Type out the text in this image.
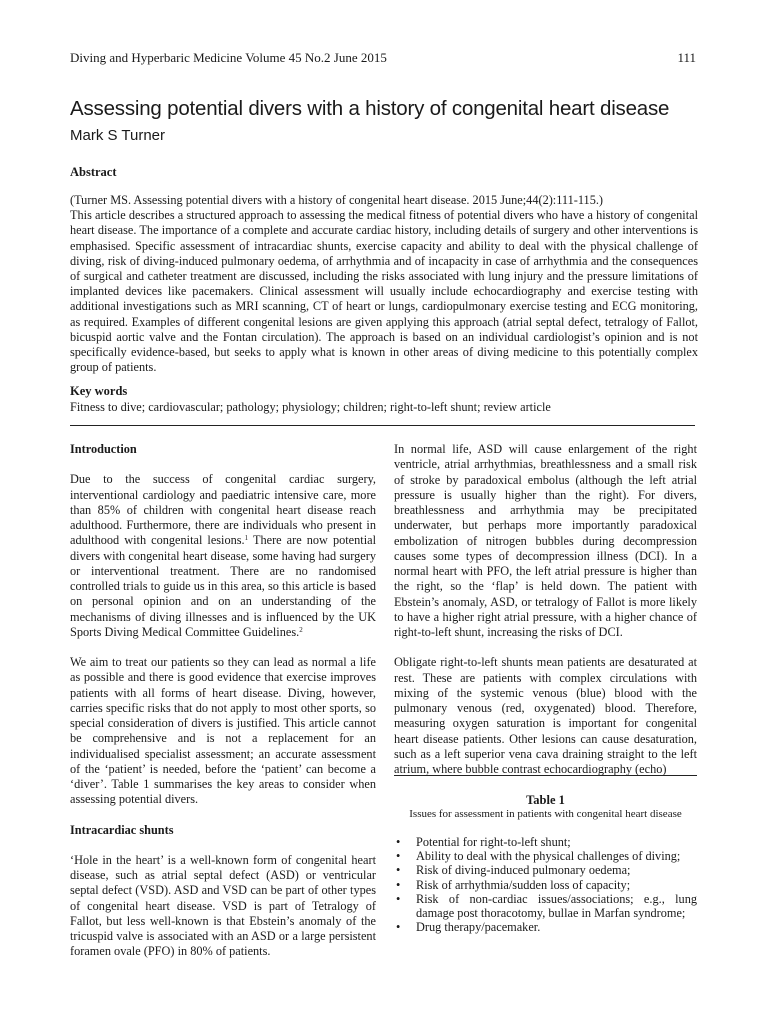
Diving and Hyperbaric Medicine Volume 45 No.2 June 2015	111
Assessing potential divers with a history of congenital heart disease
Mark S Turner
Abstract

(Turner MS. Assessing potential divers with a history of congenital heart disease. 2015 June;44(2):111-115.)

This article describes a structured approach to assessing the medical fitness of potential divers who have a history of congenital heart disease. The importance of a complete and accurate cardiac history, including details of surgery and other interventions is emphasised. Specific assessment of intracardiac shunts, exercise capacity and ability to deal with the physical challenge of diving, risk of diving-induced pulmonary oedema, of arrhythmia and of incapacity in case of arrhythmia and the consequences of surgical and catheter treatment are discussed, including the risks associated with lung injury and the pressure limitations of implanted devices like pacemakers. Clinical assessment will usually include echocardiography and exercise testing with additional investigations such as MRI scanning, CT of heart or lungs, cardiopulmonary exercise testing and ECG monitoring, as required. Examples of different congenital lesions are given applying this approach (atrial septal defect, tetralogy of Fallot, bicuspid aortic valve and the Fontan circulation). The approach is based on an individual cardiologist’s opinion and is not specifically evidence-based, but seeks to apply what is known in other areas of diving medicine to this potentially complex group of patients.

Key words
Fitness to dive; cardiovascular; pathology; physiology; children; right-to-left shunt; review article
Introduction

Due to the success of congenital cardiac surgery, interventional cardiology and paediatric intensive care, more than 85% of children with congenital heart disease reach adulthood. Furthermore, there are individuals who present in adulthood with congenital lesions.$^1$ There are now potential divers with congenital heart disease, some having had surgery or interventional treatment. There are no randomised controlled trials to guide us in this area, so this article is based on personal opinion and on an understanding of the mechanisms of diving illnesses and is influenced by the UK Sports Diving Medical Committee Guidelines.$^2$

We aim to treat our patients so they can lead as normal a life as possible and there is good evidence that exercise improves patients with all forms of heart disease. Diving, however, carries specific risks that do not apply to most other sports, so special consideration of divers is justified. This article cannot be comprehensive and is not a replacement for an individualised specialist assessment; an accurate assessment of the ‘patient’ is needed, before the ‘patient’ can become a ‘diver’. Table 1 summarises the key areas to consider when assessing potential divers.

Intracardiac shunts

‘Hole in the heart’ is a well-known form of congenital heart disease, such as atrial septal defect (ASD) or ventricular septal defect (VSD). ASD and VSD can be part of other types of congenital heart disease. VSD is part of Tetralogy of Fallot, but less well-known is that Ebstein’s anomaly of the tricuspid valve is associated with an ASD or a large persistent foramen ovale (PFO) in 80% of patients.

In normal life, ASD will cause enlargement of the right ventricle, atrial arrhythmias, breathlessness and a small risk of stroke by paradoxical embolus (although the left atrial pressure is usually higher than the right). For divers, breathlessness and arrhythmia may be precipitated underwater, but perhaps more importantly paradoxical embolization of nitrogen bubbles during decompression causes some types of decompression illness (DCI). In a normal heart with PFO, the left atrial pressure is higher than the right, so the ‘flap’ is held down. The patient with Ebstein’s anomaly, ASD, or tetralogy of Fallot is more likely to have a higher right atrial pressure, with a higher chance of right-to-left shunt, increasing the risks of DCI.

Obligate right-to-left shunts mean patients are desaturated at rest. These are patients with complex circulations with mixing of the systemic venous (blue) blood with the pulmonary venous (red, oxygenated) blood. Therefore, measuring oxygen saturation is important for congenital heart disease patients. Other lesions can cause desaturation, such as a left superior vena cava draining straight to the left atrium, where bubble contrast echocardiography (echo)

Table 1
Issues for assessment in patients with congenital heart disease
• Potential for right-to-left shunt;
• Ability to deal with the physical challenges of diving;
• Risk of diving-induced pulmonary oedema;
• Risk of arrhythmia/sudden loss of capacity;
• Risk of non-cardiac issues/associations; e.g., lung damage post thoracotomy, bullae in Marfan syndrome;
• Drug therapy/pacemaker.
